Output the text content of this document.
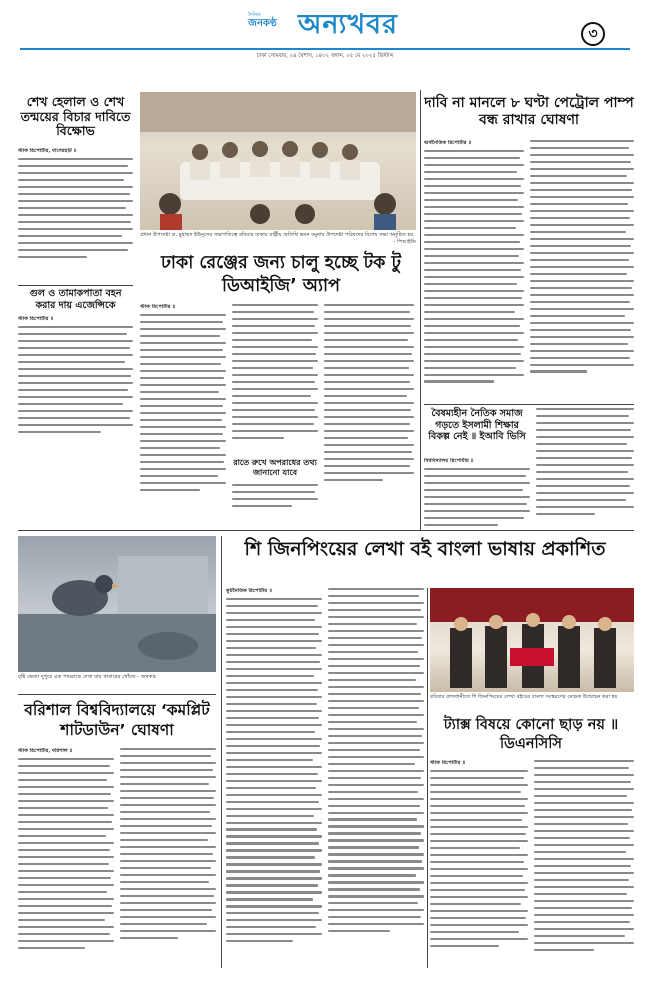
দৈনিক
জনকণ্ঠ অন্যখবর
ঢাকা সোমবার, ২৪ বৈশাখ, ১৪৩২ বঙ্গাব্দ, ০৫ মে ২০২৫ খ্রিস্টাব্দ
৩
শেখ হেলাল ও শেখ তন্ময়ের বিচার দাবিতে বিক্ষোভ
স্টাফ রিপোর্টার, বাগেরহাট ॥
গুল ও তামাকপাতা বহন করার দায় এজেন্সিকে
স্টাফ রিপোর্টার ॥
প্রধান উপদেষ্টা ড. মুহাম্মদ ইউনূসের সভাপতিত্বে রবিবার ঢাকায় রাষ্ট্রীয় অতিথি ভবন যমুনায় উপদেষ্টা পরিষদের বিশেষ সভা অনুষ্ঠিত হয়
- পিআইডি
ঢাকা রেঞ্জের জন্য চালু হচ্ছে টক টু ডিআইজি’ অ্যাপ
স্টাফ রিপোর্টার ॥
রাতে রুখে অপরাধের তথ্য জানানো যাবে
দাবি না মানলে ৮ ঘণ্টা পেট্রোল পাম্প বন্ধ রাখার ঘোষণা
অর্থনৈতিক রিপোর্টার ॥
বৈষম্যহীন নৈতিক সমাজ গড়তে ইসলামী শিক্ষার বিকল্প নেই ॥ ইআবি ভিসি
বিশ্ববিদ্যালয় রিপোর্টার ॥
বৃষ্টি ভেজা দুপুরে এক পায়রাকে দেখা যায় খাবারের খোঁজে - জনকণ্ঠ
শি জিনপিংয়ের লেখা বই বাংলা ভাষায় প্রকাশিত
কূটনৈতিক রিপোর্টার ॥
রবিবার রাজধানীতে শি জিনপিংয়ের লেখা বইয়ের বাংলা সংস্করণের মোড়ক উন্মোচন করা হয়
ট্যাক্স বিষয়ে কোনো ছাড় নয় ॥ ডিএনসিসি
স্টাফ রিপোর্টার ॥
বরিশাল বিশ্ববিদ্যালয়ে ‘কমপ্লিট শাটডাউন’ ঘোষণা
স্টাফ রিপোর্টার, বরিশাল ॥
